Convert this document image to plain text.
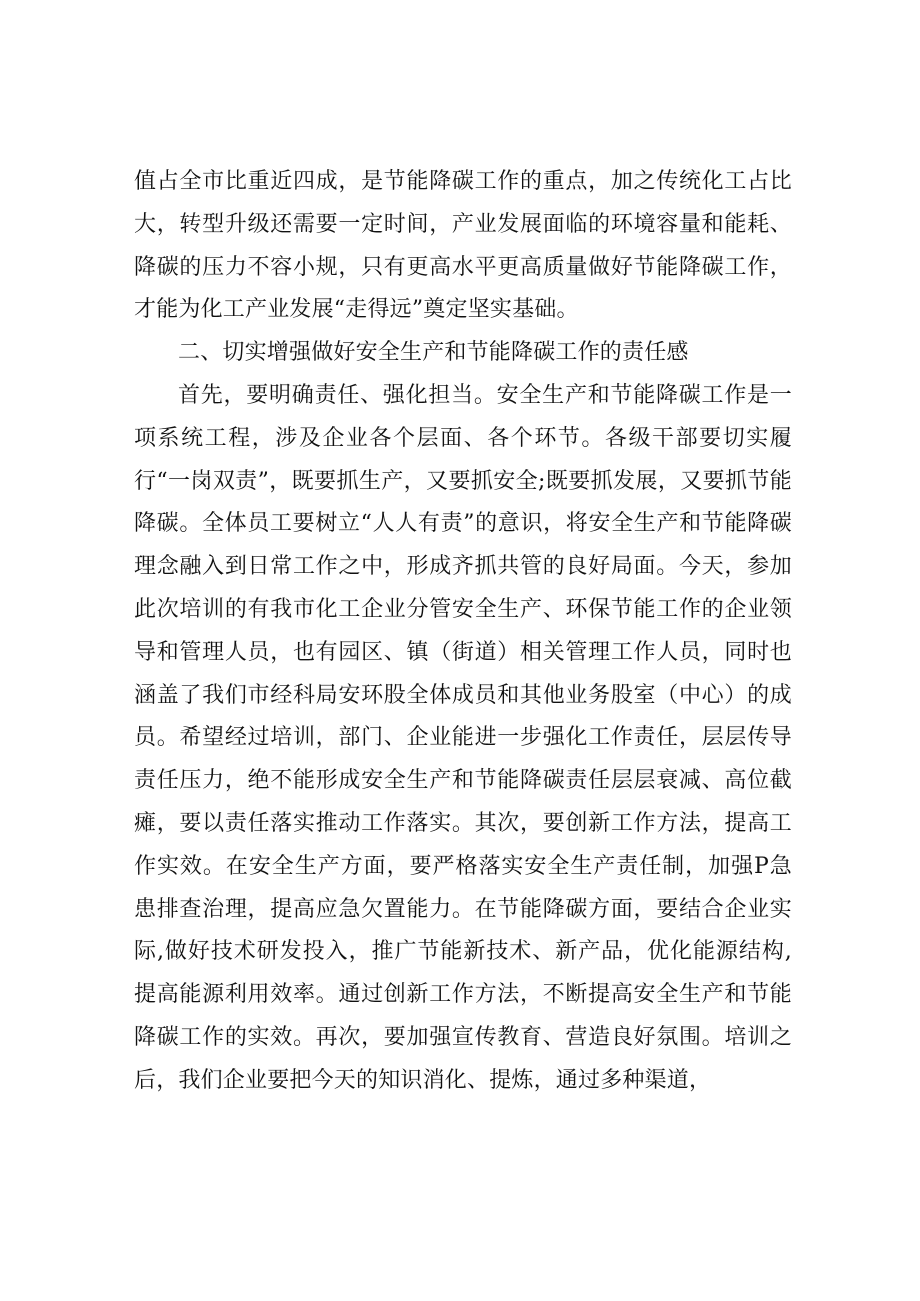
值占全市比重近四成，是节能降碳工作的重点，加之传统化工占比大，转型升级还需要一定时间，产业发展面临的环境容量和能耗、降碳的压力不容小规，只有更高水平更高质量做好节能降碳工作，才能为化工产业发展“走得远”奠定坚实基础。

二、切实增强做好安全生产和节能降碳工作的责任感

首先，要明确责任、强化担当。安全生产和节能降碳工作是一项系统工程，涉及企业各个层面、各个环节。各级干部要切实履行“一岗双责”，既要抓生产，又要抓安全;既要抓发展，又要抓节能降碳。全体员工要树立“人人有责”的意识，将安全生产和节能降碳理念融入到日常工作之中，形成齐抓共管的良好局面。今天，参加此次培训的有我市化工企业分管安全生产、环保节能工作的企业领导和管理人员，也有园区、镇（街道）相关管理工作人员，同时也涵盖了我们市经科局安环股全体成员和其他业务股室（中心）的成员。希望经过培训，部门、企业能进一步强化工作责任，层层传导责任压力，绝不能形成安全生产和节能降碳责任层层衰减、高位截瘫，要以责任落实推动工作落实。其次，要创新工作方法，提高工作实效。在安全生产方面，要严格落实安全生产责任制，加强P急患排查治理，提高应急欠置能力。在节能降碳方面，要结合企业实际,做好技术研发投入，推广节能新技术、新产品，优化能源结构,提高能源利用效率。通过创新工作方法，不断提高安全生产和节能降碳工作的实效。再次，要加强宣传教育、营造良好氛围。培训之后，我们企业要把今天的知识消化、提炼，通过多种渠道，
